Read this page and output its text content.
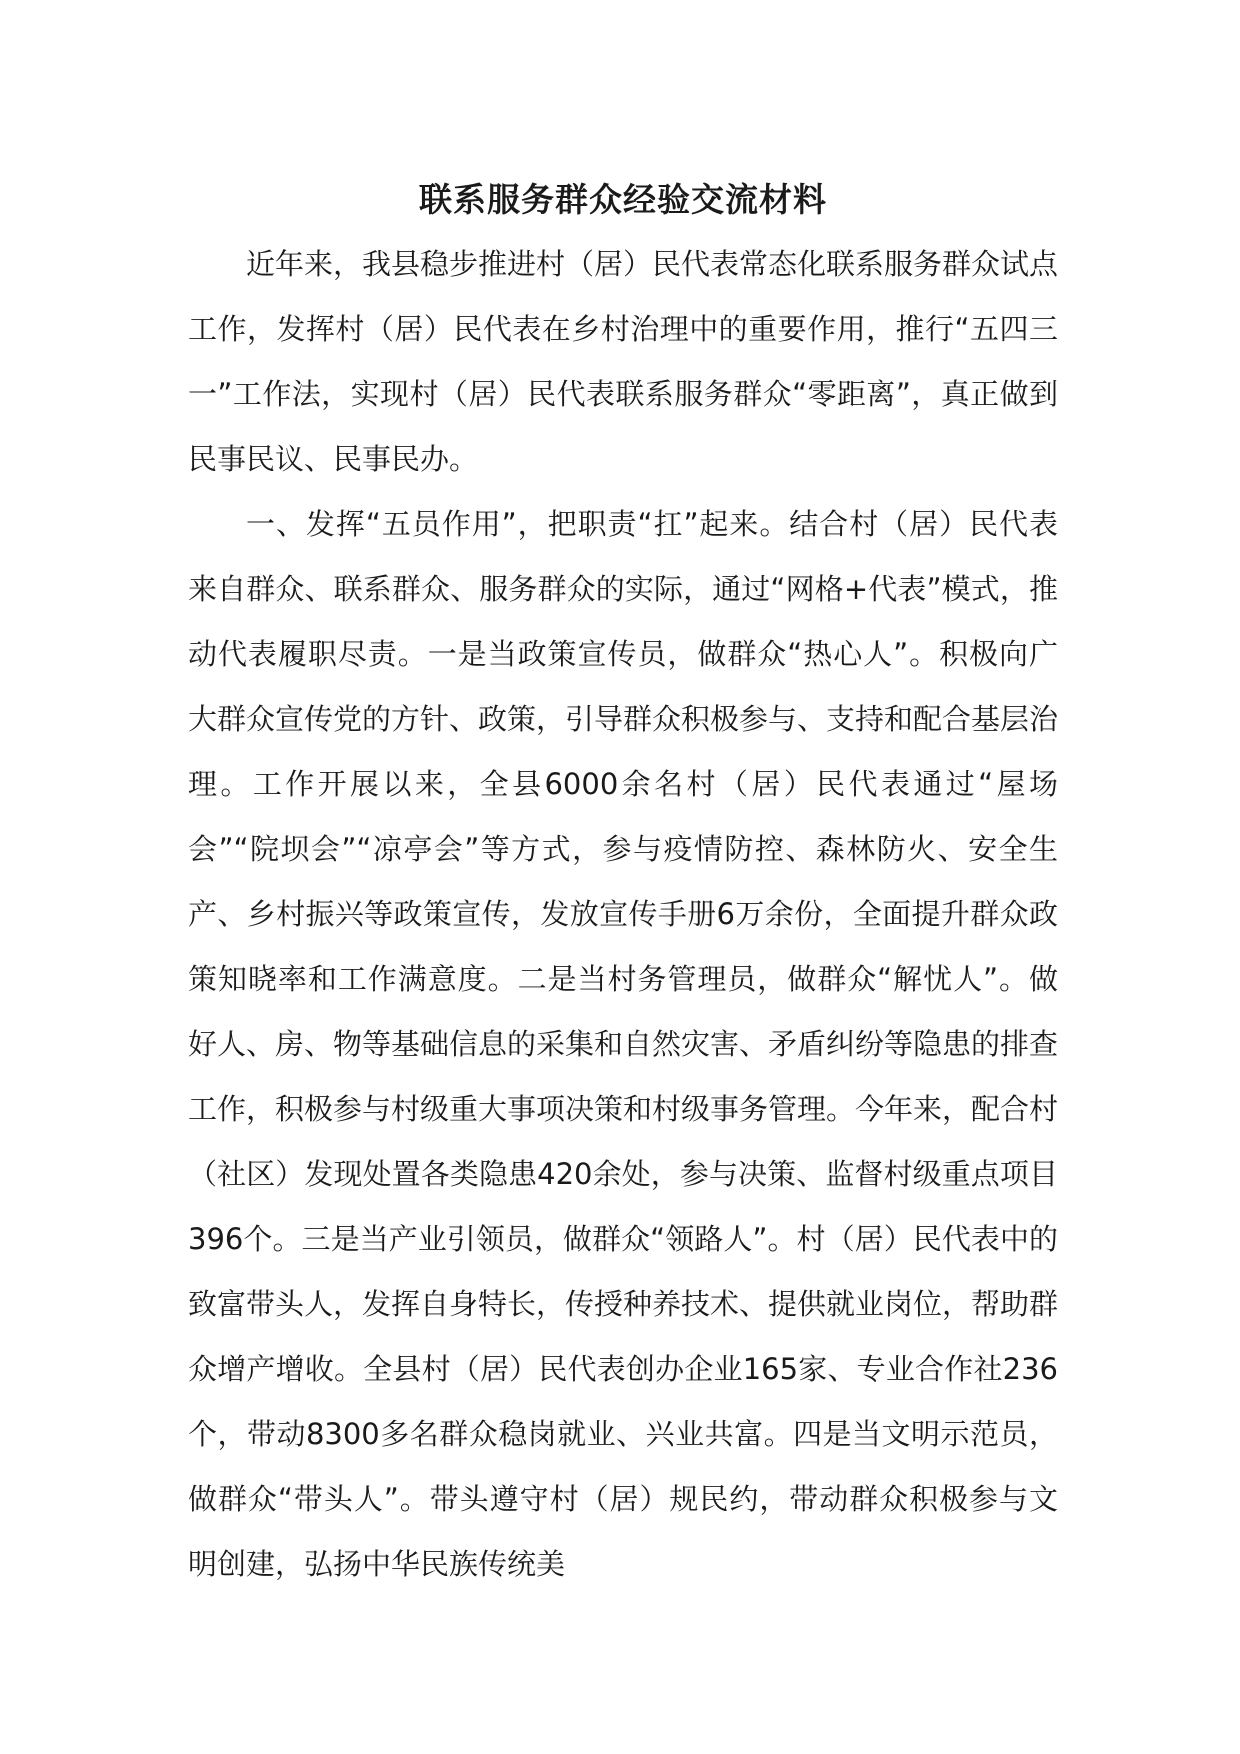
联系服务群众经验交流材料

近年来，我县稳步推进村（居）民代表常态化联系服务群众试点工作，发挥村（居）民代表在乡村治理中的重要作用，推行“五四三一”工作法，实现村（居）民代表联系服务群众“零距离”，真正做到民事民议、民事民办。

一、发挥“五员作用”，把职责“扛”起来。结合村（居）民代表来自群众、联系群众、服务群众的实际，通过“网格+代表”模式，推动代表履职尽责。一是当政策宣传员，做群众“热心人”。积极向广大群众宣传党的方针、政策，引导群众积极参与、支持和配合基层治理。工作开展以来，全县6000余名村（居）民代表通过“屋场会”“院坝会”“凉亭会”等方式，参与疫情防控、森林防火、安全生产、乡村振兴等政策宣传，发放宣传手册6万余份，全面提升群众政策知晓率和工作满意度。二是当村务管理员，做群众“解忧人”。做好人、房、物等基础信息的采集和自然灾害、矛盾纠纷等隐患的排查工作，积极参与村级重大事项决策和村级事务管理。今年来，配合村（社区）发现处置各类隐患420余处，参与决策、监督村级重点项目396个。三是当产业引领员，做群众“领路人”。村（居）民代表中的致富带头人，发挥自身特长，传授种养技术、提供就业岗位，帮助群众增产增收。全县村（居）民代表创办企业165家、专业合作社236个，带动8300多名群众稳岗就业、兴业共富。四是当文明示范员，做群众“带头人”。带头遵守村（居）规民约，带动群众积极参与文明创建，弘扬中华民族传统美
